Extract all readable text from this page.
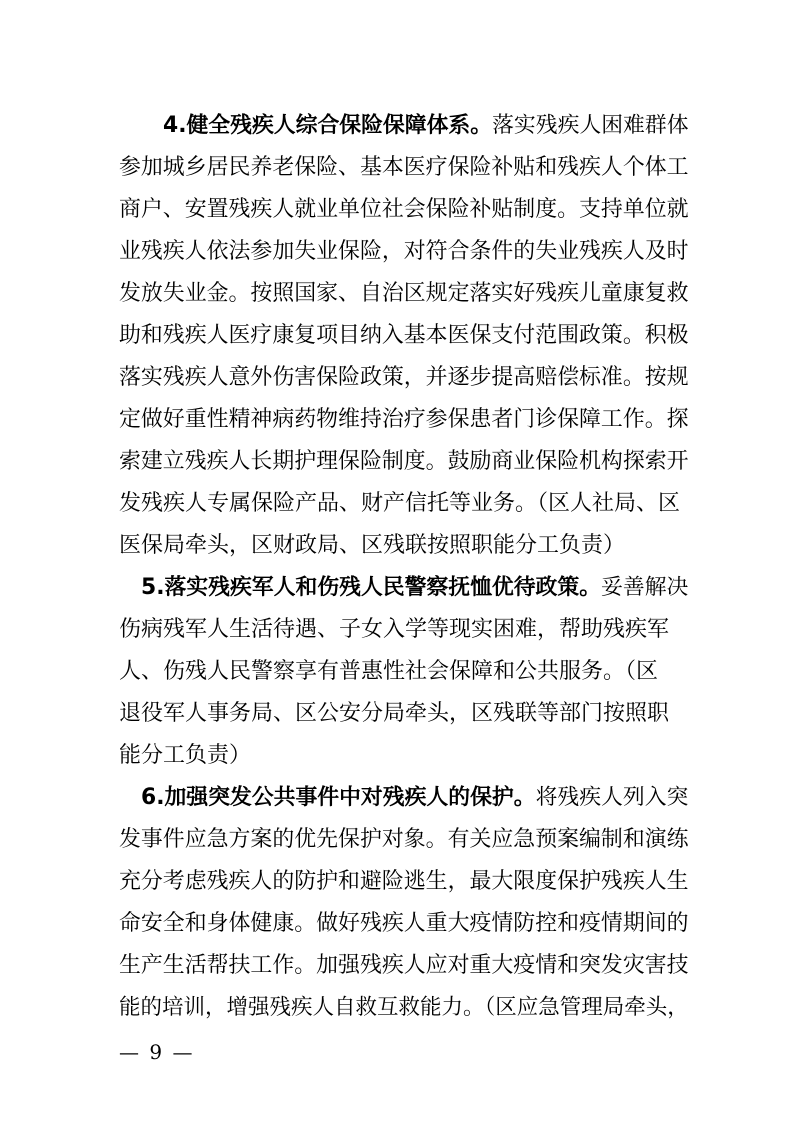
4.健全残疾人综合保险保障体系。落实残疾人困难群体
参加城乡居民养老保险、基本医疗保险补贴和残疾人个体工
商户、安置残疾人就业单位社会保险补贴制度。支持单位就
业残疾人依法参加失业保险，对符合条件的失业残疾人及时
发放失业金。按照国家、自治区规定落实好残疾儿童康复救
助和残疾人医疗康复项目纳入基本医保支付范围政策。积极
落实残疾人意外伤害保险政策，并逐步提高赔偿标准。按规
定做好重性精神病药物维持治疗参保患者门诊保障工作。探
索建立残疾人长期护理保险制度。鼓励商业保险机构探索开
发残疾人专属保险产品、财产信托等业务。（区人社局、区
医保局牵头，区财政局、区残联按照职能分工负责）
5.落实残疾军人和伤残人民警察抚恤优待政策。妥善解决
伤病残军人生活待遇、子女入学等现实困难，帮助残疾军
人、伤残人民警察享有普惠性社会保障和公共服务。（区
退役军人事务局、区公安分局牵头，区残联等部门按照职
能分工负责）
6.加强突发公共事件中对残疾人的保护。将残疾人列入突
发事件应急方案的优先保护对象。有关应急预案编制和演练
充分考虑残疾人的防护和避险逃生，最大限度保护残疾人生
命安全和身体健康。做好残疾人重大疫情防控和疫情期间的
生产生活帮扶工作。加强残疾人应对重大疫情和突发灾害技
能的培训，增强残疾人自救互救能力。（区应急管理局牵头，
— 9 —
